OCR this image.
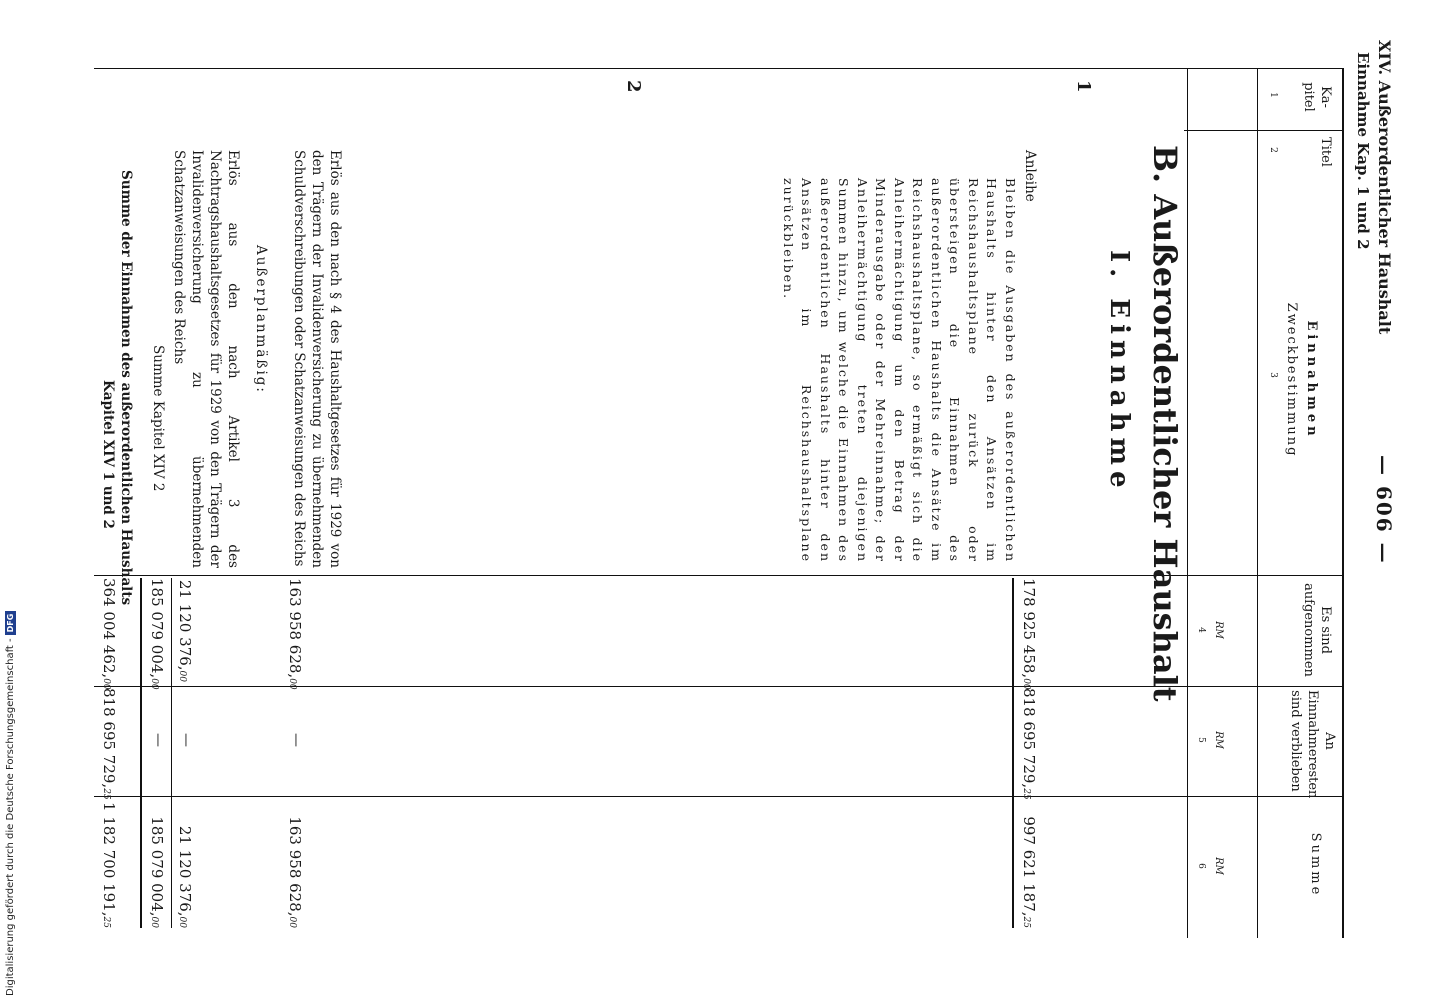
XIV. Außerordentlicher Haushalt
Einnahme Kap. 1 und 2
— 606 —
Ka-pitel
Titel
Einnahmen
Zweckbestimmung
Es sind aufgenommen
An Einnahmeresten sind verblieben
Summe
RM
RM
RM
1
2
3
4
5
6
B. Außerordentlicher Haushalt
I. Einnahme
1
Anleihe
Bleiben die Ausgaben des außerordentlichen Haushalts hinter den Ansätzen im Reichshaushaltsplane zurück oder übersteigen die Einnahmen des außerordentlichen Haushalts die Ansätze im Reichshaushaltsplane, so ermäßigt sich die Anleihermächtigung um den Betrag der Minderausgabe oder der Mehreinnahme; der Anleihermächtigung treten diejenigen Summen hinzu, um welche die Einnahmen des außerordentlichen Haushalts hinter den Ansätzen im Reichshaushaltsplane zurückbleiben.
178 925 458,00
818 695 729,25
997 621 187,25
2
Erlös aus den nach § 4 des Haushaltgesetzes für 1929 von den Trägern der Invalidenversicherung zu übernehmenden Schuldverschreibungen oder Schatzanweisungen des Reichs
163 958 628,00
—
163 958 628,00
Außerplanmäßig:
Erlös aus den nach Artikel 3 des Nachtragshaushaltsgesetzes für 1929 von den Trägern der Invalidenversicherung zu übernehmenden Schatzanweisungen des Reichs
21 120 376,00
—
21 120 376,00
Summe Kapitel XIV 2
185 079 004,00
—
185 079 004,00
Summe der Einnahmen des außerordentlichen Haushalts
Kapitel XIV 1 und 2
364 004 462,00
818 695 729,25
1 182 700 191,25
Digitalisierung gefördert durch die Deutsche Forschungsgemeinschaft -DFG
